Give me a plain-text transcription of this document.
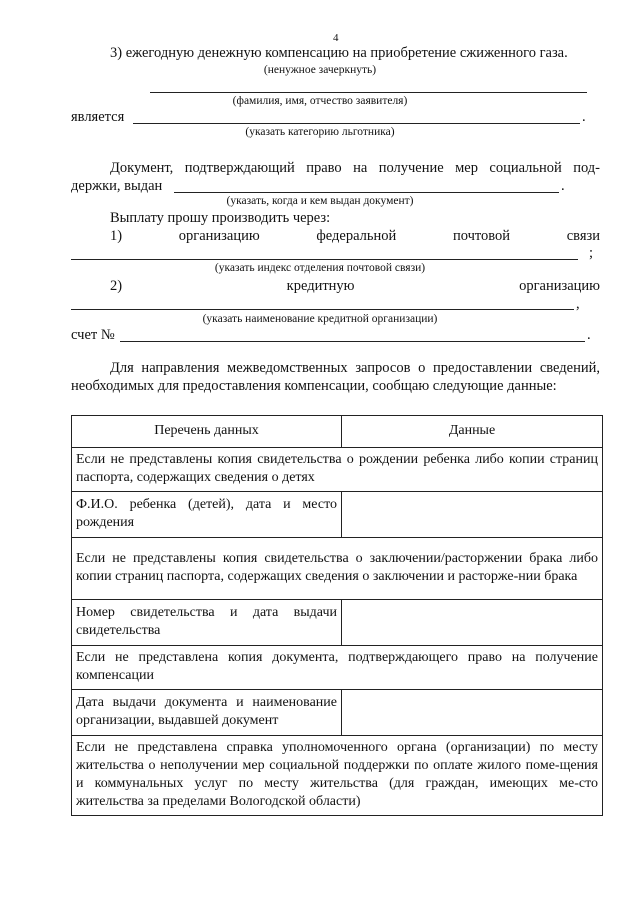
4
3) ежегодную денежную компенсацию на приобретение сжиженного газа.
(ненужное зачеркнуть)
(фамилия, имя, отчество заявителя)
является	.
(указать категорию льготника)
Документ, подтверждающий право на получение мер социальной под-
держки, выдан	.
(указать, когда и кем выдан документ)
Выплату прошу производить через:
1)	организацию	федеральной	почтовой	связи
;
(указать индекс отделения почтовой связи)
2)	кредитную	организацию
,
(указать наименование кредитной организации)
счет №	.
Для направления межведомственных запросов о предоставлении сведений,
необходимых для предоставления компенсации, сообщаю следующие данные:
Перечень данных	Данные
Если не представлены копия свидетельства о рождении ребенка либо копии страниц паспорта, содержащих сведения о детях	
Ф.И.О. ребенка (детей), дата и место рождения	
Если не представлены копия свидетельства о заключении/расторжении брака либо копии страниц паспорта, содержащих сведения о заключении и расторже-нии брака	
Номер свидетельства и дата выдачи свидетельства	
Если не представлена копия документа, подтверждающего право на получение компенсации	
Дата выдачи документа и наименование организации, выдавшей документ	
Если не представлена справка уполномоченного органа (организации) по месту жительства о неполучении мер социальной поддержки по оплате жилого поме-щения и коммунальных услуг по месту жительства (для граждан, имеющих ме-сто жительства за пределами Вологодской области)	
